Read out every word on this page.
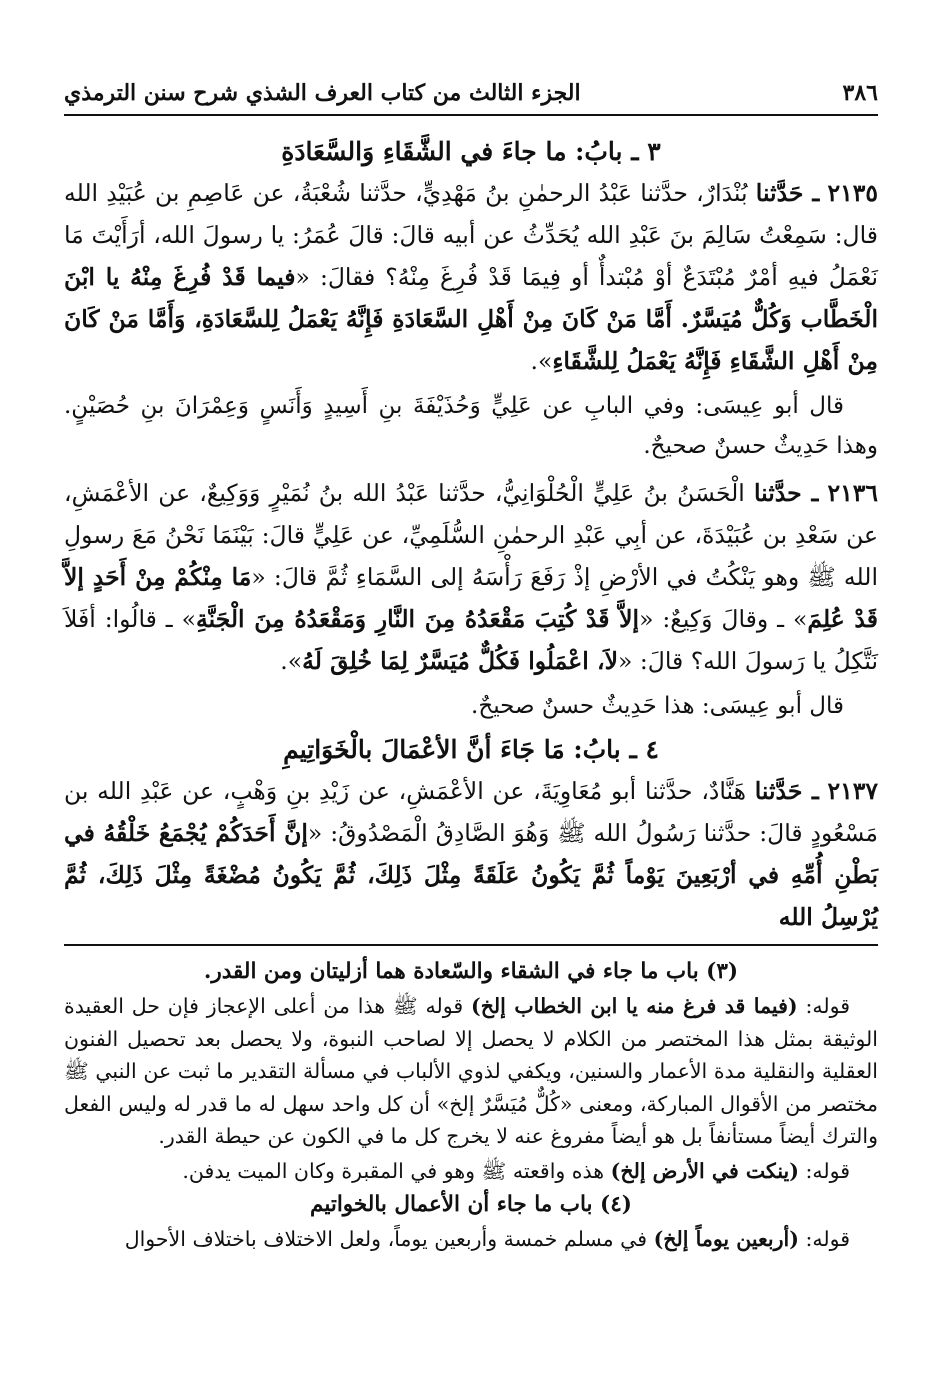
٣٨٦
الجزء الثالث من كتاب العرف الشذي شرح سنن الترمذي
٣ ـ بابُ: ما جاءَ في الشَّقَاءِ وَالسَّعَادَةِ

٢١٣٥ ـ حَدَّثنا بُنْدَارٌ، حدَّثنا عَبْدُ الرحمٰنِ بنُ مَهْدِيٍّ، حدَّثنا شُعْبَةُ، عن عَاصِمِ بن عُبَيْدِ الله قال: سَمِعْتُ سَالِمَ بنَ عَبْدِ الله يُحَدِّثُ عن أبيه قالَ: قالَ عُمَرُ: يا رسولَ الله، أرَأَيْتَ مَا نَعْمَلُ فيهِ أمْرٌ مُبْتَدَعٌ أوْ مُبْتدأٌ أو فِيمَا قَدْ فُرِغَ مِنْهُ؟ فقالَ: «فيما قَدْ فُرِغَ مِنْهُ يا ابْنَ الْخَطَّاب وَكُلٌّ مُيَسَّرٌ. أَمَّا مَنْ كَانَ مِنْ أَهْلِ السَّعَادَةِ فَإِنَّهُ يَعْمَلُ لِلسَّعَادَةِ، وَأَمَّا مَنْ كَانَ مِنْ أَهْلِ الشَّقَاءِ فَإِنَّهُ يَعْمَلُ لِلشَّقَاءِ».

قال أبو عِيسَى: وفي البابِ عن عَلِيٍّ وَحُذَيْفَةَ بنِ أَسِيدٍ وَأَنَسٍ وَعِمْرَانَ بنِ حُصَيْنٍ. وهذا حَدِيثٌ حسنٌ صحيحٌ.

٢١٣٦ ـ حدَّثنا الْحَسَنُ بنُ عَلِيٍّ الْحُلْوَانِيُّ، حدَّثنا عَبْدُ الله بنُ نُمَيْرٍ وَوَكِيعٌ، عن الأعْمَشِ، عن سَعْدِ بن عُبَيْدَةَ، عن أبِي عَبْدِ الرحمٰنِ السُّلَمِيِّ، عن عَلِيٍّ قالَ: بَيْنَمَا نَحْنُ مَعَ رسولِ الله ﷺ وهو يَنْكُتُ في الأرْضِ إذْ رَفَعَ رَأْسَهُ إلى السَّمَاءِ ثُمَّ قالَ: «مَا مِنْكُمْ مِنْ أَحَدٍ إلاَّ قَدْ عُلِمَ» ـ وقالَ وَكِيعٌ: «إلاَّ قَدْ كُتِبَ مَقْعَدُهُ مِنَ النَّارِ وَمَقْعَدُهُ مِنَ الْجَنَّةِ» ـ قالُوا: أفَلاَ نَتَّكِلُ يا رَسولَ الله؟ قالَ: «لاَ، اعْمَلُوا فَكُلٌّ مُيَسَّرٌ لِمَا خُلِقَ لَهُ».

قال أبو عِيسَى: هذا حَدِيثٌ حسنٌ صحيحٌ.

٤ ـ بابُ: مَا جَاءَ أنَّ الأعْمَالَ بالْخَوَاتِيمِ

٢١٣٧ ـ حَدَّثنا هَنَّادٌ، حدَّثنا أبو مُعَاوِيَةَ، عن الأعْمَشِ، عن زَيْدِ بنِ وَهْبٍ، عن عَبْدِ الله بن مَسْعُودٍ قالَ: حدَّثنا رَسُولُ الله ﷺ وَهُوَ الصَّادِقُ الْمَصْدُوقُ: «إنَّ أَحَدَكُمْ يُجْمَعُ خَلْقُهُ في بَطْنِ أُمِّهِ في أرْبَعِينَ يَوْماً ثُمَّ يَكُونُ عَلَقَةً مِثْلَ ذَلِكَ، ثُمَّ يَكُونُ مُضْغَةً مِثْلَ ذَلِكَ، ثُمَّ يُرْسِلُ الله

(٣) باب ما جاء في الشقاء والسّعادة هما أزليتان ومن القدر.

قوله: (فيما قد فرغ منه يا ابن الخطاب إلخ) قوله ﷺ هذا من أعلى الإعجاز فإن حل العقيدة الوثيقة بمثل هذا المختصر من الكلام لا يحصل إلا لصاحب النبوة، ولا يحصل بعد تحصيل الفنون العقلية والنقلية مدة الأعمار والسنين، ويكفي لذوي الألباب في مسألة التقدير ما ثبت عن النبي ﷺ مختصر من الأقوال المباركة، ومعنى «كُلٌّ مُيَسَّرٌ إلخ» أن كل واحد سهل له ما قدر له وليس الفعل والترك أيضاً مستأنفاً بل هو أيضاً مفروغ عنه لا يخرج كل ما في الكون عن حيطة القدر.

قوله: (ينكت في الأرض إلخ) هذه واقعته ﷺ وهو في المقبرة وكان الميت يدفن.

(٤) باب ما جاء أن الأعمال بالخواتيم

قوله: (أربعين يوماً إلخ) في مسلم خمسة وأربعين يوماً، ولعل الاختلاف باختلاف الأحوال
